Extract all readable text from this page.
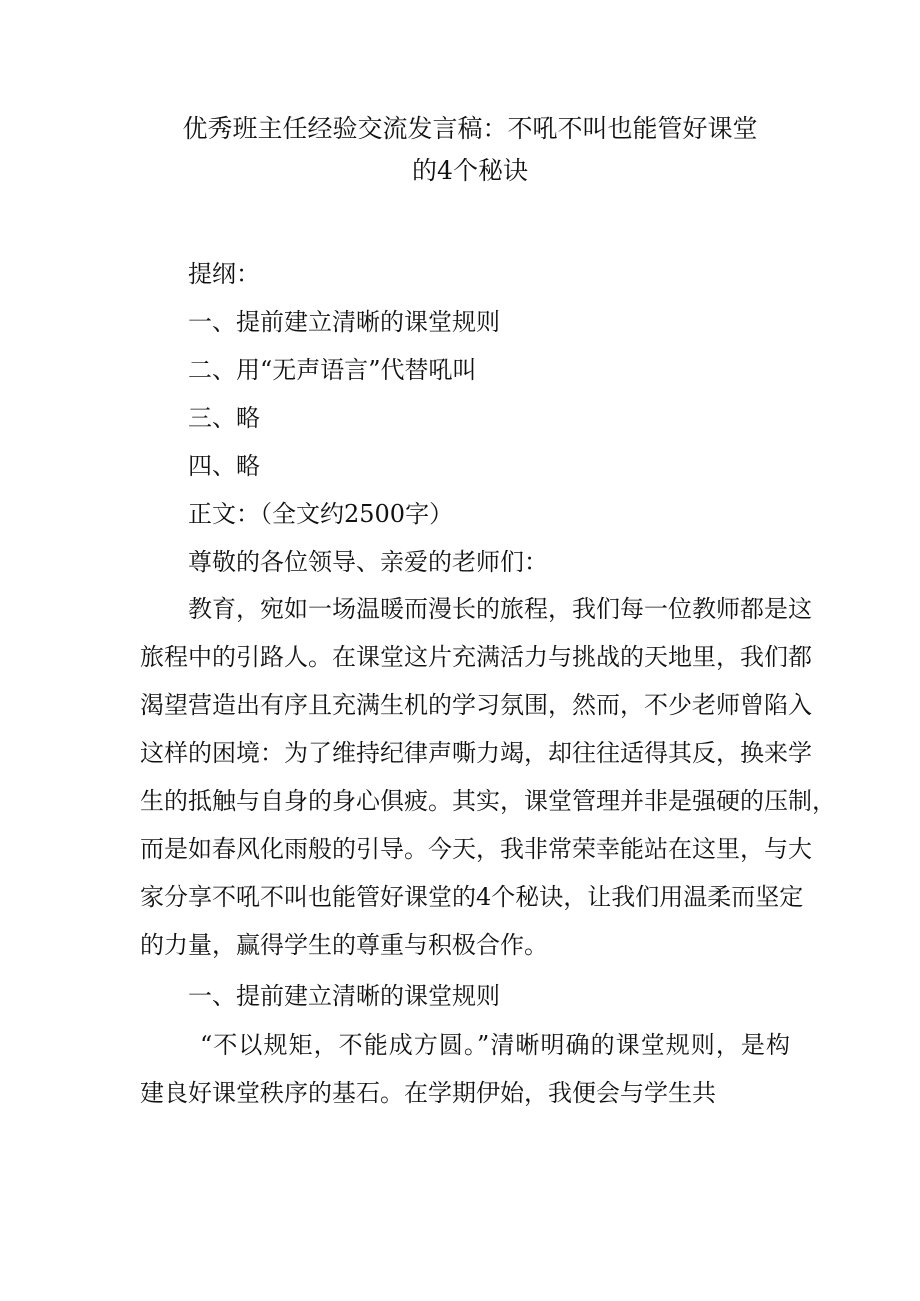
优秀班主任经验交流发言稿：不吼不叫也能管好课堂
的4个秘诀
提纲：
一、提前建立清晰的课堂规则
二、用“无声语言”代替吼叫
三、略
四、略
正文：（全文约2500字）
尊敬的各位领导、亲爱的老师们：
教育，宛如一场温暖而漫长的旅程，我们每一位教师都是这
旅程中的引路人。在课堂这片充满活力与挑战的天地里，我们都
渴望营造出有序且充满生机的学习氛围，然而，不少老师曾陷入
这样的困境：为了维持纪律声嘶力竭，却往往适得其反，换来学
生的抵触与自身的身心俱疲。其实，课堂管理并非是强硬的压制，
而是如春风化雨般的引导。今天，我非常荣幸能站在这里，与大
家分享不吼不叫也能管好课堂的4个秘诀，让我们用温柔而坚定
的力量，赢得学生的尊重与积极合作。
一、提前建立清晰的课堂规则
“不以规矩，不能成方圆。”清晰明确的课堂规则，是构
建良好课堂秩序的基石。在学期伊始，我便会与学生共
